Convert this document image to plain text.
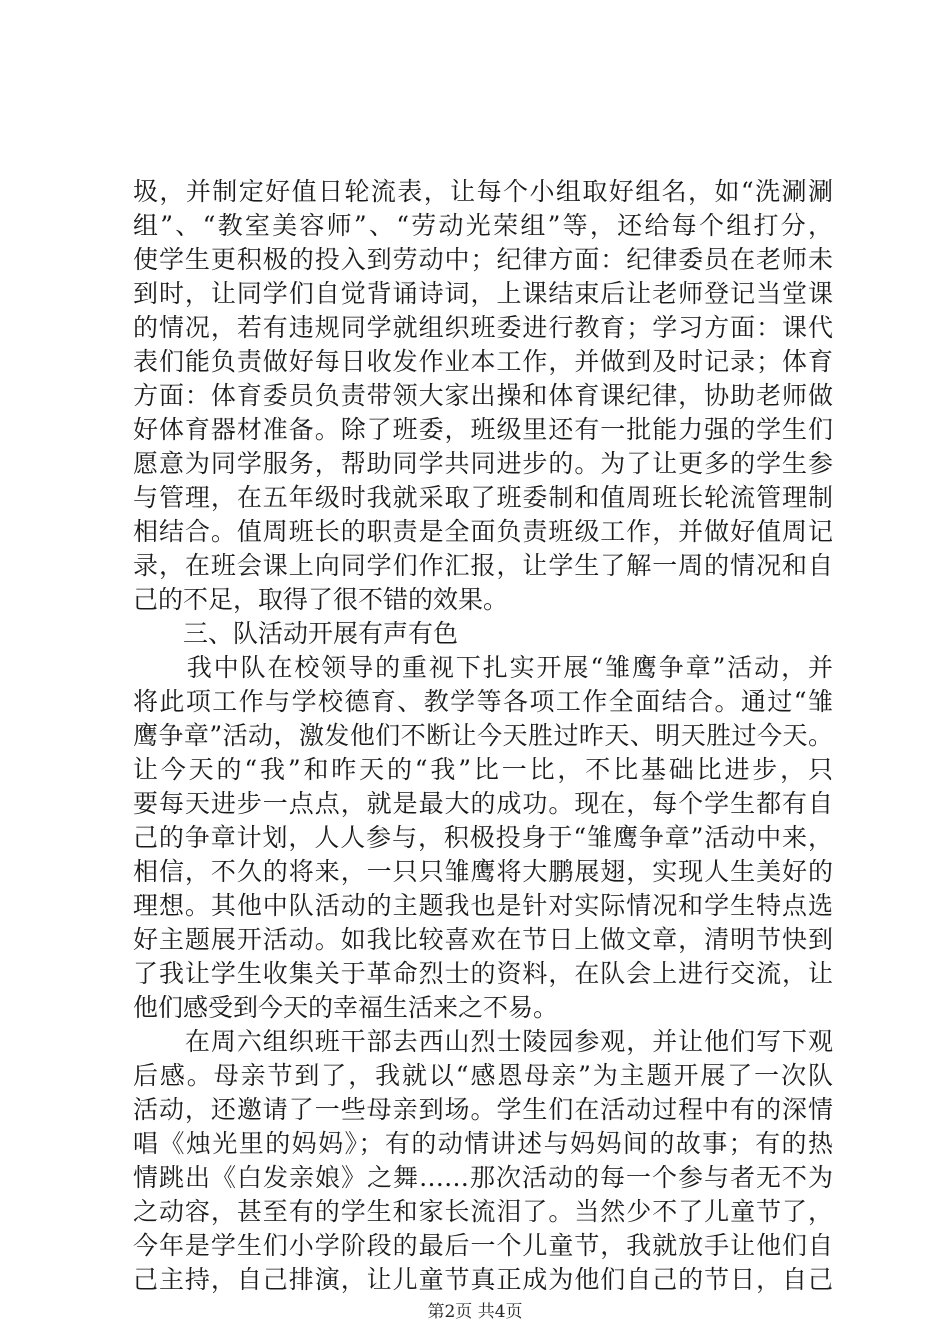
圾，并制定好值日轮流表，让每个小组取好组名，如“洗涮涮
组”、“教室美容师”、“劳动光荣组”等，还给每个组打分，
使学生更积极的投入到劳动中；纪律方面：纪律委员在老师未
到时，让同学们自觉背诵诗词，上课结束后让老师登记当堂课
的情况，若有违规同学就组织班委进行教育；学习方面：课代
表们能负责做好每日收发作业本工作，并做到及时记录；体育
方面：体育委员负责带领大家出操和体育课纪律，协助老师做
好体育器材准备。除了班委，班级里还有一批能力强的学生们
愿意为同学服务，帮助同学共同进步的。为了让更多的学生参
与管理，在五年级时我就采取了班委制和值周班长轮流管理制
相结合。值周班长的职责是全面负责班级工作，并做好值周记
录，在班会课上向同学们作汇报，让学生了解一周的情况和自
己的不足，取得了很不错的效果。
　　三、队活动开展有声有色
　　我中队在校领导的重视下扎实开展“雏鹰争章”活动，并
将此项工作与学校德育、教学等各项工作全面结合。通过“雏
鹰争章”活动，激发他们不断让今天胜过昨天、明天胜过今天。
让今天的“我”和昨天的“我”比一比，不比基础比进步，只
要每天进步一点点，就是最大的成功。现在，每个学生都有自
己的争章计划，人人参与，积极投身于“雏鹰争章”活动中来，
相信，不久的将来，一只只雏鹰将大鹏展翅，实现人生美好的
理想。其他中队活动的主题我也是针对实际情况和学生特点选
好主题展开活动。如我比较喜欢在节日上做文章，清明节快到
了我让学生收集关于革命烈士的资料，在队会上进行交流，让
他们感受到今天的幸福生活来之不易。
　　在周六组织班干部去西山烈士陵园参观，并让他们写下观
后感。母亲节到了，我就以“感恩母亲”为主题开展了一次队
活动，还邀请了一些母亲到场。学生们在活动过程中有的深情
唱《烛光里的妈妈》；有的动情讲述与妈妈间的故事；有的热
情跳出《白发亲娘》之舞……那次活动的每一个参与者无不为
之动容，甚至有的学生和家长流泪了。当然少不了儿童节了，
今年是学生们小学阶段的最后一个儿童节，我就放手让他们自
己主持，自己排演，让儿童节真正成为他们自己的节日，自己
第2页 共4页
